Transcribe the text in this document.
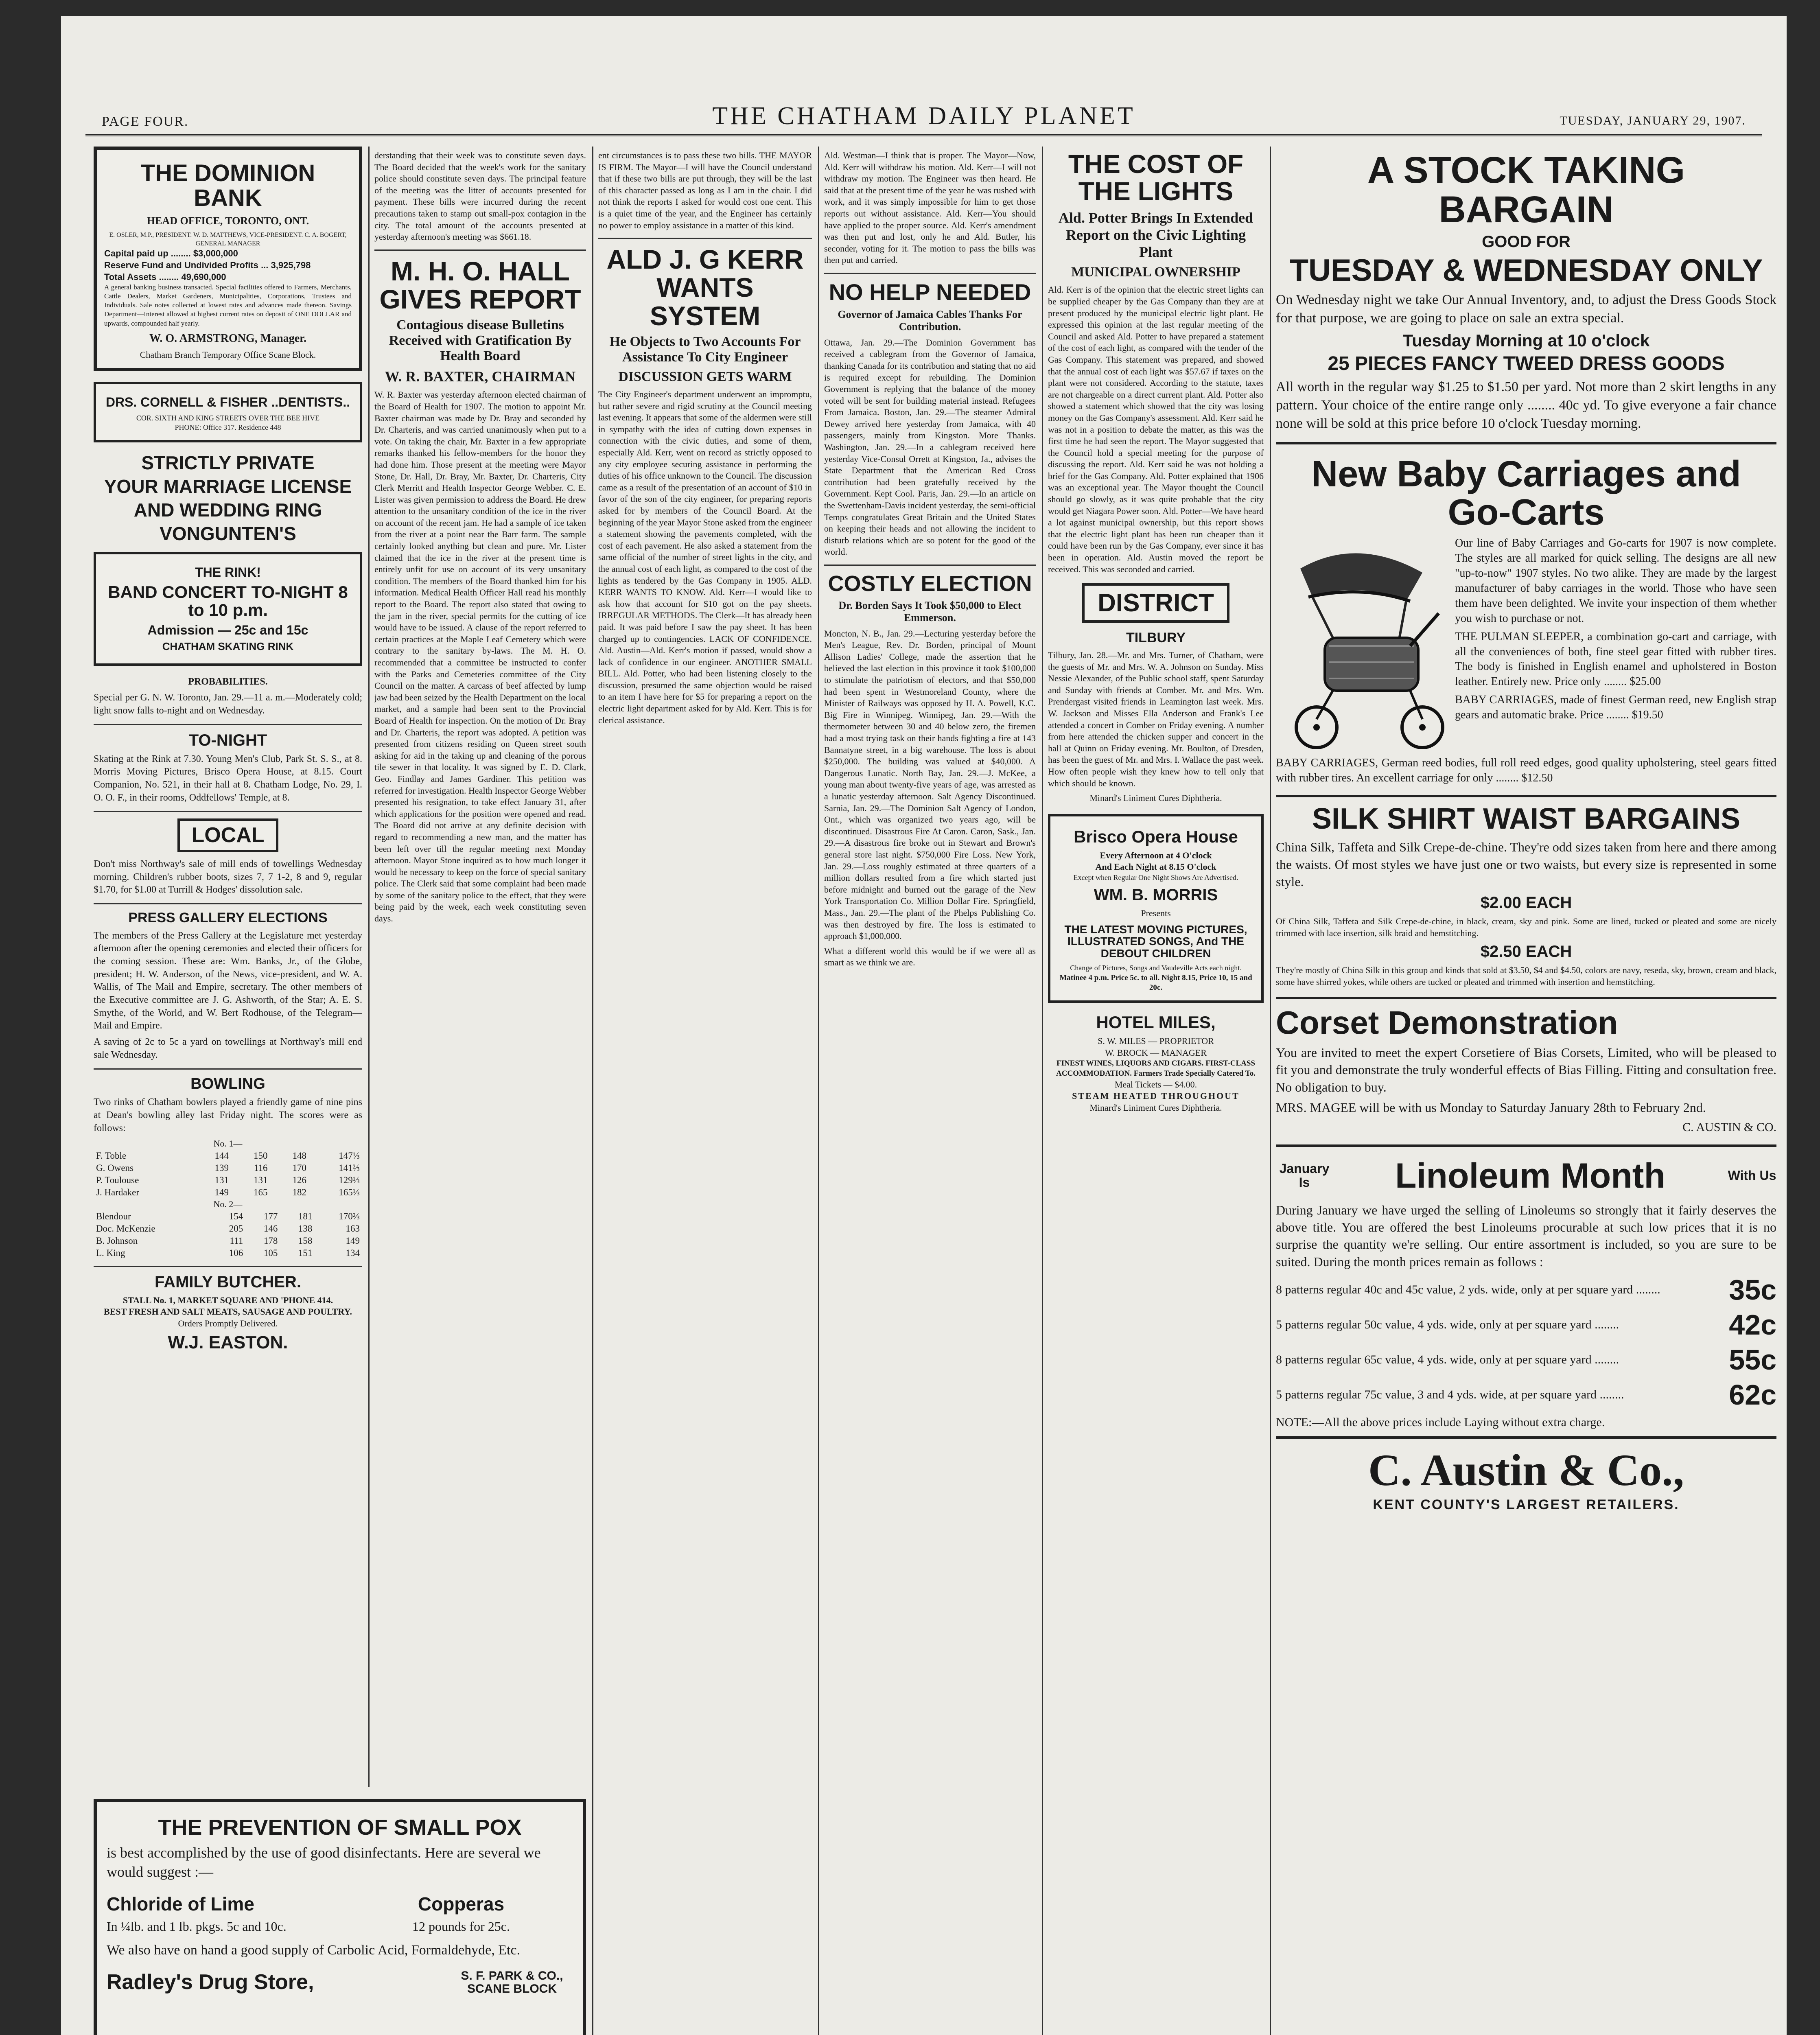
PAGE FOUR.	THE CHATHAM DAILY PLANET	TUESDAY, JANUARY 29, 1907.
THE DOMINION BANK
HEAD OFFICE, TORONTO, ONT.
E. OSLER, M.P., PRESIDENT. W. D. MATTHEWS, VICE-PRESIDENT. C. A. BOGERT, GENERAL MANAGER
Capital paid up ........ $3,000,000
Reserve Fund and Undivided Profits ... 3,925,798
Total Assets ........ 49,690,000
A general banking business transacted. Special facilities offered to Farmers, Merchants, Cattle Dealers, Market Gardeners, Municipalities, Corporations, Trustees and Individuals. Sale notes collected at lowest rates and advances made thereon. Savings Department—Interest allowed at highest current rates on deposit of ONE DOLLAR and upwards, compounded half yearly.
W. O. ARMSTRONG, Manager.
Chatham Branch Temporary Office Scane Block.
DRS. CORNELL & FISHER ..DENTISTS..
COR. SIXTH AND KING STREETS OVER THE BEE HIVE
PHONE: Office 317. Residence 448
STRICTLY PRIVATE
YOUR MARRIAGE LICENSE
AND WEDDING RING
VONGUNTEN'S
THE RINK!
BAND CONCERT TO-NIGHT 8 to 10 p.m.
Admission — 25c and 15c
CHATHAM SKATING RINK
PROBABILITIES.
Special per G. N. W. Toronto, Jan. 29.—11 a. m.—Moderately cold; light snow falls to-night and on Wednesday.
TO-NIGHT
Skating at the Rink at 7.30. Young Men's Club, Park St. S. S., at 8. Morris Moving Pictures, Brisco Opera House, at 8.15. Court Companion, No. 521, in their hall at 8. Chatham Lodge, No. 29, I. O. O. F., in their rooms, Oddfellows' Temple, at 8.
LOCAL
Don't miss Northway's sale of mill ends of towellings Wednesday morning. Children's rubber boots, sizes 7, 7 1-2, 8 and 9, regular $1.70, for $1.00 at Turrill & Hodges' dissolution sale.
PRESS GALLERY ELECTIONS
The members of the Press Gallery at the Legislature met yesterday afternoon after the opening ceremonies and elected their officers for the coming session. These are: Wm. Banks, Jr., of the Globe, president; H. W. Anderson, of the News, vice-president, and W. A. Wallis, of The Mail and Empire, secretary. The other members of the Executive committee are J. G. Ashworth, of the Star; A. E. S. Smythe, of the World, and W. Bert Rodhouse, of the Telegram—Mail and Empire.
A saving of 2c to 5c a yard on towellings at Northway's mill end sale Wednesday.
BOWLING
Two rinks of Chatham bowlers played a friendly game of nine pins at Dean's bowling alley last Friday night. The scores were as follows:
No. 1—
F. Toble	144	150	148	147⅓
G. Owens	139	116	170	141⅔
P. Toulouse	131	131	126	129⅓
J. Hardaker	149	165	182	165⅓
No. 2—
Blendour	154	177	181	170⅔
Doc. McKenzie	205	146	138	163
B. Johnson	111	178	158	149
L. King	106	105	151	134
FAMILY BUTCHER.
STALL No. 1, MARKET SQUARE AND 'PHONE 414.
BEST FRESH AND SALT MEATS, SAUSAGE AND POULTRY.
Orders Promptly Delivered.
W.J. EASTON.
THE PREVENTION OF SMALL POX
is best accomplished by the use of good disinfectants. Here are several we would suggest :—
Chloride of Lime
In ¼lb. and 1 lb. pkgs. 5c and 10c.
Copperas
12 pounds for 25c.
We also have on hand a good supply of Carbolic Acid, Formaldehyde, Etc.
Radley's Drug Store,	S. F. PARK & CO., SCANE BLOCK
derstanding that their week was to constitute seven days. The Board decided that the week's work for the sanitary police should constitute seven days. The principal feature of the meeting was the litter of accounts presented for payment. These bills were incurred during the recent precautions taken to stamp out small-pox contagion in the city. The total amount of the accounts presented at yesterday afternoon's meeting was $661.18.
M. H. O. HALL GIVES REPORT
Contagious disease Bulletins Received with Gratification By Health Board
W. R. BAXTER, CHAIRMAN
W. R. Baxter was yesterday afternoon elected chairman of the Board of Health for 1907. The motion to appoint Mr. Baxter chairman was made by Dr. Bray and seconded by Dr. Charteris, and was carried unanimously when put to a vote. On taking the chair, Mr. Baxter in a few appropriate remarks thanked his fellow-members for the honor they had done him. Those present at the meeting were Mayor Stone, Dr. Hall, Dr. Bray, Mr. Baxter, Dr. Charteris, City Clerk Merritt and Health Inspector George Webber. C. E. Lister was given permission to address the Board. He drew attention to the unsanitary condition of the ice in the river on account of the recent jam. He had a sample of ice taken from the river at a point near the Barr farm. The sample certainly looked anything but clean and pure. Mr. Lister claimed that the ice in the river at the present time is entirely unfit for use on account of its very unsanitary condition. The members of the Board thanked him for his information. Medical Health Officer Hall read his monthly report to the Board. The report also stated that owing to the jam in the river, special permits for the cutting of ice would have to be issued. A clause of the report referred to certain practices at the Maple Leaf Cemetery which were contrary to the sanitary by-laws. The M. H. O. recommended that a committee be instructed to confer with the Parks and Cemeteries committee of the City Council on the matter. A carcass of beef affected by lump jaw had been seized by the Health Department on the local market, and a sample had been sent to the Provincial Board of Health for inspection. On the motion of Dr. Bray and Dr. Charteris, the report was adopted. A petition was presented from citizens residing on Queen street south asking for aid in the taking up and cleaning of the porous tile sewer in that locality. It was signed by E. D. Clark, Geo. Findlay and James Gardiner. This petition was referred for investigation. Health Inspector George Webber presented his resignation, to take effect January 31, after which applications for the position were opened and read. The Board did not arrive at any definite decision with regard to recommending a new man, and the matter has been left over till the regular meeting next Monday afternoon. Mayor Stone inquired as to how much longer it would be necessary to keep on the force of special sanitary police. The Clerk said that some complaint had been made by some of the sanitary police to the effect, that they were being paid by the week, each week constituting seven days.
ent circumstances is to pass these two bills. THE MAYOR IS FIRM. The Mayor—I will have the Council understand that if these two bills are put through, they will be the last of this character passed as long as I am in the chair. I did not think the reports I asked for would cost one cent. This is a quiet time of the year, and the Engineer has certainly no power to employ assistance in a matter of this kind.
ALD J. G KERR WANTS SYSTEM
He Objects to Two Accounts For Assistance To City Engineer
DISCUSSION GETS WARM
The City Engineer's department underwent an impromptu, but rather severe and rigid scrutiny at the Council meeting last evening. It appears that some of the aldermen were still in sympathy with the idea of cutting down expenses in connection with the civic duties, and some of them, especially Ald. Kerr, went on record as strictly opposed to any city employee securing assistance in performing the duties of his office unknown to the Council. The discussion came as a result of the presentation of an account of $10 in favor of the son of the city engineer, for preparing reports asked for by members of the Council Board. At the beginning of the year Mayor Stone asked from the engineer a statement showing the pavements completed, with the cost of each pavement. He also asked a statement from the same official of the number of street lights in the city, and the annual cost of each light, as compared to the cost of the lights as tendered by the Gas Company in 1905. ALD. KERR WANTS TO KNOW. Ald. Kerr—I would like to ask how that account for $10 got on the pay sheets. IRREGULAR METHODS. The Clerk—It has already been paid. It was paid before I saw the pay sheet. It has been charged up to contingencies. LACK OF CONFIDENCE. Ald. Austin—Ald. Kerr's motion if passed, would show a lack of confidence in our engineer. ANOTHER SMALL BILL. Ald. Potter, who had been listening closely to the discussion, presumed the same objection would be raised to an item I have here for $5 for preparing a report on the electric light department asked for by Ald. Kerr. This is for clerical assistance.
Ald. Westman—I think that is proper. The Mayor—Now, Ald. Kerr will withdraw his motion. Ald. Kerr—I will not withdraw my motion. The Engineer was then heard. He said that at the present time of the year he was rushed with work, and it was simply impossible for him to get those reports out without assistance. Ald. Kerr—You should have applied to the proper source. Ald. Kerr's amendment was then put and lost, only he and Ald. Butler, his seconder, voting for it. The motion to pass the bills was then put and carried.
NO HELP NEEDED
Governor of Jamaica Cables Thanks For Contribution.
Ottawa, Jan. 29.—The Dominion Government has received a cablegram from the Governor of Jamaica, thanking Canada for its contribution and stating that no aid is required except for rebuilding. The Dominion Government is replying that the balance of the money voted will be sent for building material instead. Refugees From Jamaica. Boston, Jan. 29.—The steamer Admiral Dewey arrived here yesterday from Jamaica, with 40 passengers, mainly from Kingston. More Thanks. Washington, Jan. 29.—In a cablegram received here yesterday Vice-Consul Orrett at Kingston, Ja., advises the State Department that the American Red Cross contribution had been gratefully received by the Government. Kept Cool. Paris, Jan. 29.—In an article on the Swettenham-Davis incident yesterday, the semi-official Temps congratulates Great Britain and the United States on keeping their heads and not allowing the incident to disturb relations which are so potent for the good of the world.
COSTLY ELECTION
Dr. Borden Says It Took $50,000 to Elect Emmerson.
Moncton, N. B., Jan. 29.—Lecturing yesterday before the Men's League, Rev. Dr. Borden, principal of Mount Allison Ladies' College, made the assertion that he believed the last election in this province it took $100,000 to stimulate the patriotism of electors, and that $50,000 had been spent in Westmoreland County, where the Minister of Railways was opposed by H. A. Powell, K.C. Big Fire in Winnipeg. Winnipeg, Jan. 29.—With the thermometer between 30 and 40 below zero, the firemen had a most trying task on their hands fighting a fire at 143 Bannatyne street, in a big warehouse. The loss is about $250,000. The building was valued at $40,000. A Dangerous Lunatic. North Bay, Jan. 29.—J. McKee, a young man about twenty-five years of age, was arrested as a lunatic yesterday afternoon. Salt Agency Discontinued. Sarnia, Jan. 29.—The Dominion Salt Agency of London, Ont., which was organized two years ago, will be discontinued. Disastrous Fire At Caron. Caron, Sask., Jan. 29.—A disastrous fire broke out in Stewart and Brown's general store last night. $750,000 Fire Loss. New York, Jan. 29.—Loss roughly estimated at three quarters of a million dollars resulted from a fire which started just before midnight and burned out the garage of the New York Transportation Co. Million Dollar Fire. Springfield, Mass., Jan. 29.—The plant of the Phelps Publishing Co. was then destroyed by fire. The loss is estimated to approach $1,000,000.
What a different world this would be if we were all as smart as we think we are.
THE COST OF THE LIGHTS
Ald. Potter Brings In Extended Report on the Civic Lighting Plant
MUNICIPAL OWNERSHIP
Ald. Kerr is of the opinion that the electric street lights can be supplied cheaper by the Gas Company than they are at present produced by the municipal electric light plant. He expressed this opinion at the last regular meeting of the Council and asked Ald. Potter to have prepared a statement of the cost of each light, as compared with the tender of the Gas Company. This statement was prepared, and showed that the annual cost of each light was $57.67 if taxes on the plant were not considered. According to the statute, taxes are not chargeable on a direct current plant. Ald. Potter also showed a statement which showed that the city was losing money on the Gas Company's assessment. Ald. Kerr said he was not in a position to debate the matter, as this was the first time he had seen the report. The Mayor suggested that the Council hold a special meeting for the purpose of discussing the report. Ald. Kerr said he was not holding a brief for the Gas Company. Ald. Potter explained that 1906 was an exceptional year. The Mayor thought the Council should go slowly, as it was quite probable that the city would get Niagara Power soon. Ald. Potter—We have heard a lot against municipal ownership, but this report shows that the electric light plant has been run cheaper than it could have been run by the Gas Company, ever since it has been in operation. Ald. Austin moved the report be received. This was seconded and carried.
DISTRICT
TILBURY
Tilbury, Jan. 28.—Mr. and Mrs. Turner, of Chatham, were the guests of Mr. and Mrs. W. A. Johnson on Sunday. Miss Nessie Alexander, of the Public school staff, spent Saturday and Sunday with friends at Comber. Mr. and Mrs. Wm. Prendergast visited friends in Leamington last week. Mrs. W. Jackson and Misses Ella Anderson and Frank's Lee attended a concert in Comber on Friday evening. A number from here attended the chicken supper and concert in the hall at Quinn on Friday evening. Mr. Boulton, of Dresden, has been the guest of Mr. and Mrs. I. Wallace the past week. How often people wish they knew how to tell only that which should be known.
Minard's Liniment Cures Diphtheria.
Brisco Opera House
Every Afternoon at 4 O'clock
And Each Night at 8.15 O'clock
Except when Regular One Night Shows Are Advertised.
WM. B. MORRIS
Presents
THE LATEST MOVING PICTURES, ILLUSTRATED SONGS, And THE DEBOUT CHILDREN
Change of Pictures, Songs and Vaudeville Acts each night.
Matinee 4 p.m. Price 5c. to all. Night 8.15, Price 10, 15 and 20c.
HOTEL MILES,
S. W. MILES — PROPRIETOR
W. BROCK — MANAGER
FINEST WINES, LIQUORS AND CIGARS. FIRST-CLASS ACCOMMODATION. Farmers Trade Specially Catered To.
Meal Tickets — $4.00.
STEAM HEATED THROUGHOUT
Minard's Liniment Cures Diphtheria.
A STOCK TAKING BARGAIN
GOOD FOR
TUESDAY & WEDNESDAY ONLY
On Wednesday night we take Our Annual Inventory, and, to adjust the Dress Goods Stock for that purpose, we are going to place on sale an extra special.
Tuesday Morning at 10 o'clock
25 PIECES FANCY TWEED DRESS GOODS
All worth in the regular way $1.25 to $1.50 per yard. Not more than 2 skirt lengths in any pattern. Your choice of the entire range only ........ 40c yd. To give everyone a fair chance none will be sold at this price before 10 o'clock Tuesday morning.
New Baby Carriages and Go-Carts
Our line of Baby Carriages and Go-carts for 1907 is now complete. The styles are all marked for quick selling. The designs are all new "up-to-now" 1907 styles. No two alike. They are made by the largest manufacturer of baby carriages in the world. Those who have seen them have been delighted. We invite your inspection of them whether you wish to purchase or not.
THE PULMAN SLEEPER, a combination go-cart and carriage, with all the conveniences of both, fine steel gear fitted with rubber tires. The body is finished in English enamel and upholstered in Boston leather. Entirely new. Price only ........ $25.00
BABY CARRIAGES, made of finest German reed, new English strap gears and automatic brake. Price ........ $19.50
BABY CARRIAGES, German reed bodies, full roll reed edges, good quality upholstering, steel gears fitted with rubber tires. An excellent carriage for only ........ $12.50
SILK SHIRT WAIST BARGAINS
China Silk, Taffeta and Silk Crepe-de-chine. They're odd sizes taken from here and there among the waists. Of most styles we have just one or two waists, but every size is represented in some style.
$2.00 EACH
Of China Silk, Taffeta and Silk Crepe-de-chine, in black, cream, sky and pink. Some are lined, tucked or pleated and some are nicely trimmed with lace insertion, silk braid and hemstitching.
$2.50 EACH
They're mostly of China Silk in this group and kinds that sold at $3.50, $4 and $4.50, colors are navy, reseda, sky, brown, cream and black, some have shirred yokes, while others are tucked or pleated and trimmed with insertion and hemstitching.
Corset Demonstration
You are invited to meet the expert Corsetiere of Bias Corsets, Limited, who will be pleased to fit you and demonstrate the truly wonderful effects of Bias Filling. Fitting and consultation free. No obligation to buy.
MRS. MAGEE will be with us Monday to Saturday January 28th to February 2nd.
C. AUSTIN & CO.
January Is	Linoleum Month	With Us
During January we have urged the selling of Linoleums so strongly that it fairly deserves the above title. You are offered the best Linoleums procurable at such low prices that it is no surprise the quantity we're selling. Our entire assortment is included, so you are sure to be suited. During the month prices remain as follows :
8 patterns regular 40c and 45c value, 2 yds. wide, only at per square yard ........	35c
5 patterns regular 50c value, 4 yds. wide, only at per square yard ........	42c
8 patterns regular 65c value, 4 yds. wide, only at per square yard ........	55c
5 patterns regular 75c value, 3 and 4 yds. wide, at per square yard ........	62c
NOTE:—All the above prices include Laying without extra charge.
C. Austin & Co.,
KENT COUNTY'S LARGEST RETAILERS.
